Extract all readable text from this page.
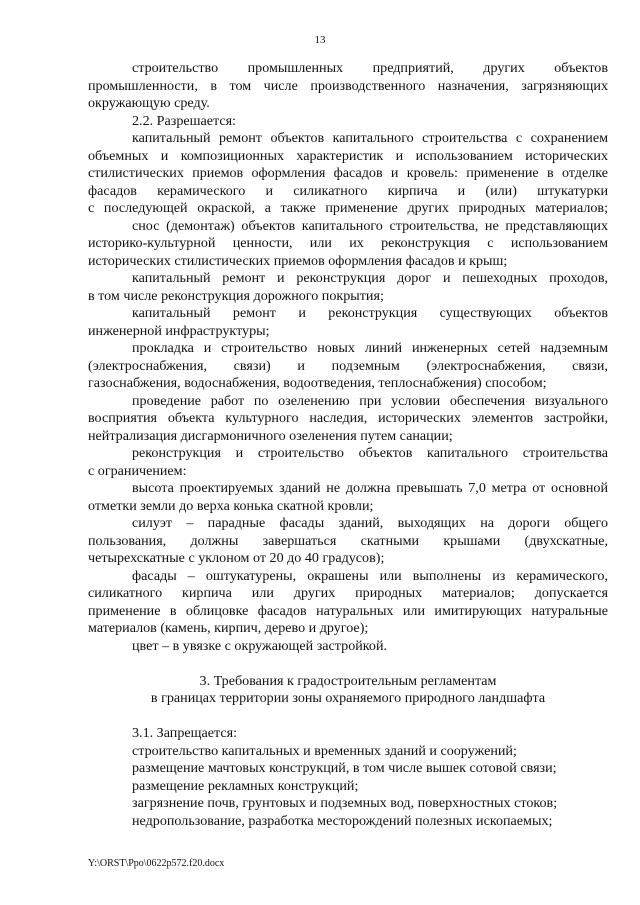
13
строительство промышленных предприятий, других объектов
промышленности, в том числе производственного назначения, загрязняющих
окружающую среду.
2.2. Разрешается:
капитальный ремонт объектов капитального строительства с сохранением
объемных и композиционных характеристик и использованием исторических
стилистических приемов оформления фасадов и кровель: применение в отделке
фасадов керамического и силикатного кирпича и (или) штукатурки
с последующей окраской, а также применение других природных материалов;
снос (демонтаж) объектов капитального строительства, не представляющих
историко-культурной ценности, или их реконструкция с использованием
исторических стилистических приемов оформления фасадов и крыш;
капитальный ремонт и реконструкция дорог и пешеходных проходов,
в том числе реконструкция дорожного покрытия;
капитальный ремонт и реконструкция существующих объектов
инженерной инфраструктуры;
прокладка и строительство новых линий инженерных сетей надземным
(электроснабжения, связи) и подземным (электроснабжения, связи,
газоснабжения, водоснабжения, водоотведения, теплоснабжения) способом;
проведение работ по озеленению при условии обеспечения визуального
восприятия объекта культурного наследия, исторических элементов застройки,
нейтрализация дисгармоничного озеленения путем санации;
реконструкция и строительство объектов капитального строительства
с ограничением:
высота проектируемых зданий не должна превышать 7,0 метра от основной
отметки земли до верха конька скатной кровли;
силуэт – парадные фасады зданий, выходящих на дороги общего
пользования, должны завершаться скатными крышами (двухскатные,
четырехскатные с уклоном от 20 до 40 градусов);
фасады – оштукатурены, окрашены или выполнены из керамического,
силикатного кирпича или других природных материалов; допускается
применение в облицовке фасадов натуральных или имитирующих натуральные
материалов (камень, кирпич, дерево и другое);
цвет – в увязке с окружающей застройкой.
3. Требования к градостроительным регламентам
в границах территории зоны охраняемого природного ландшафта
3.1. Запрещается:
строительство капитальных и временных зданий и сооружений;
размещение мачтовых конструкций, в том числе вышек сотовой связи;
размещение рекламных конструкций;
загрязнение почв, грунтовых и подземных вод, поверхностных стоков;
недропользование, разработка месторождений полезных ископаемых;
Y:\ORST\Ppo\0622p572.f20.docx
